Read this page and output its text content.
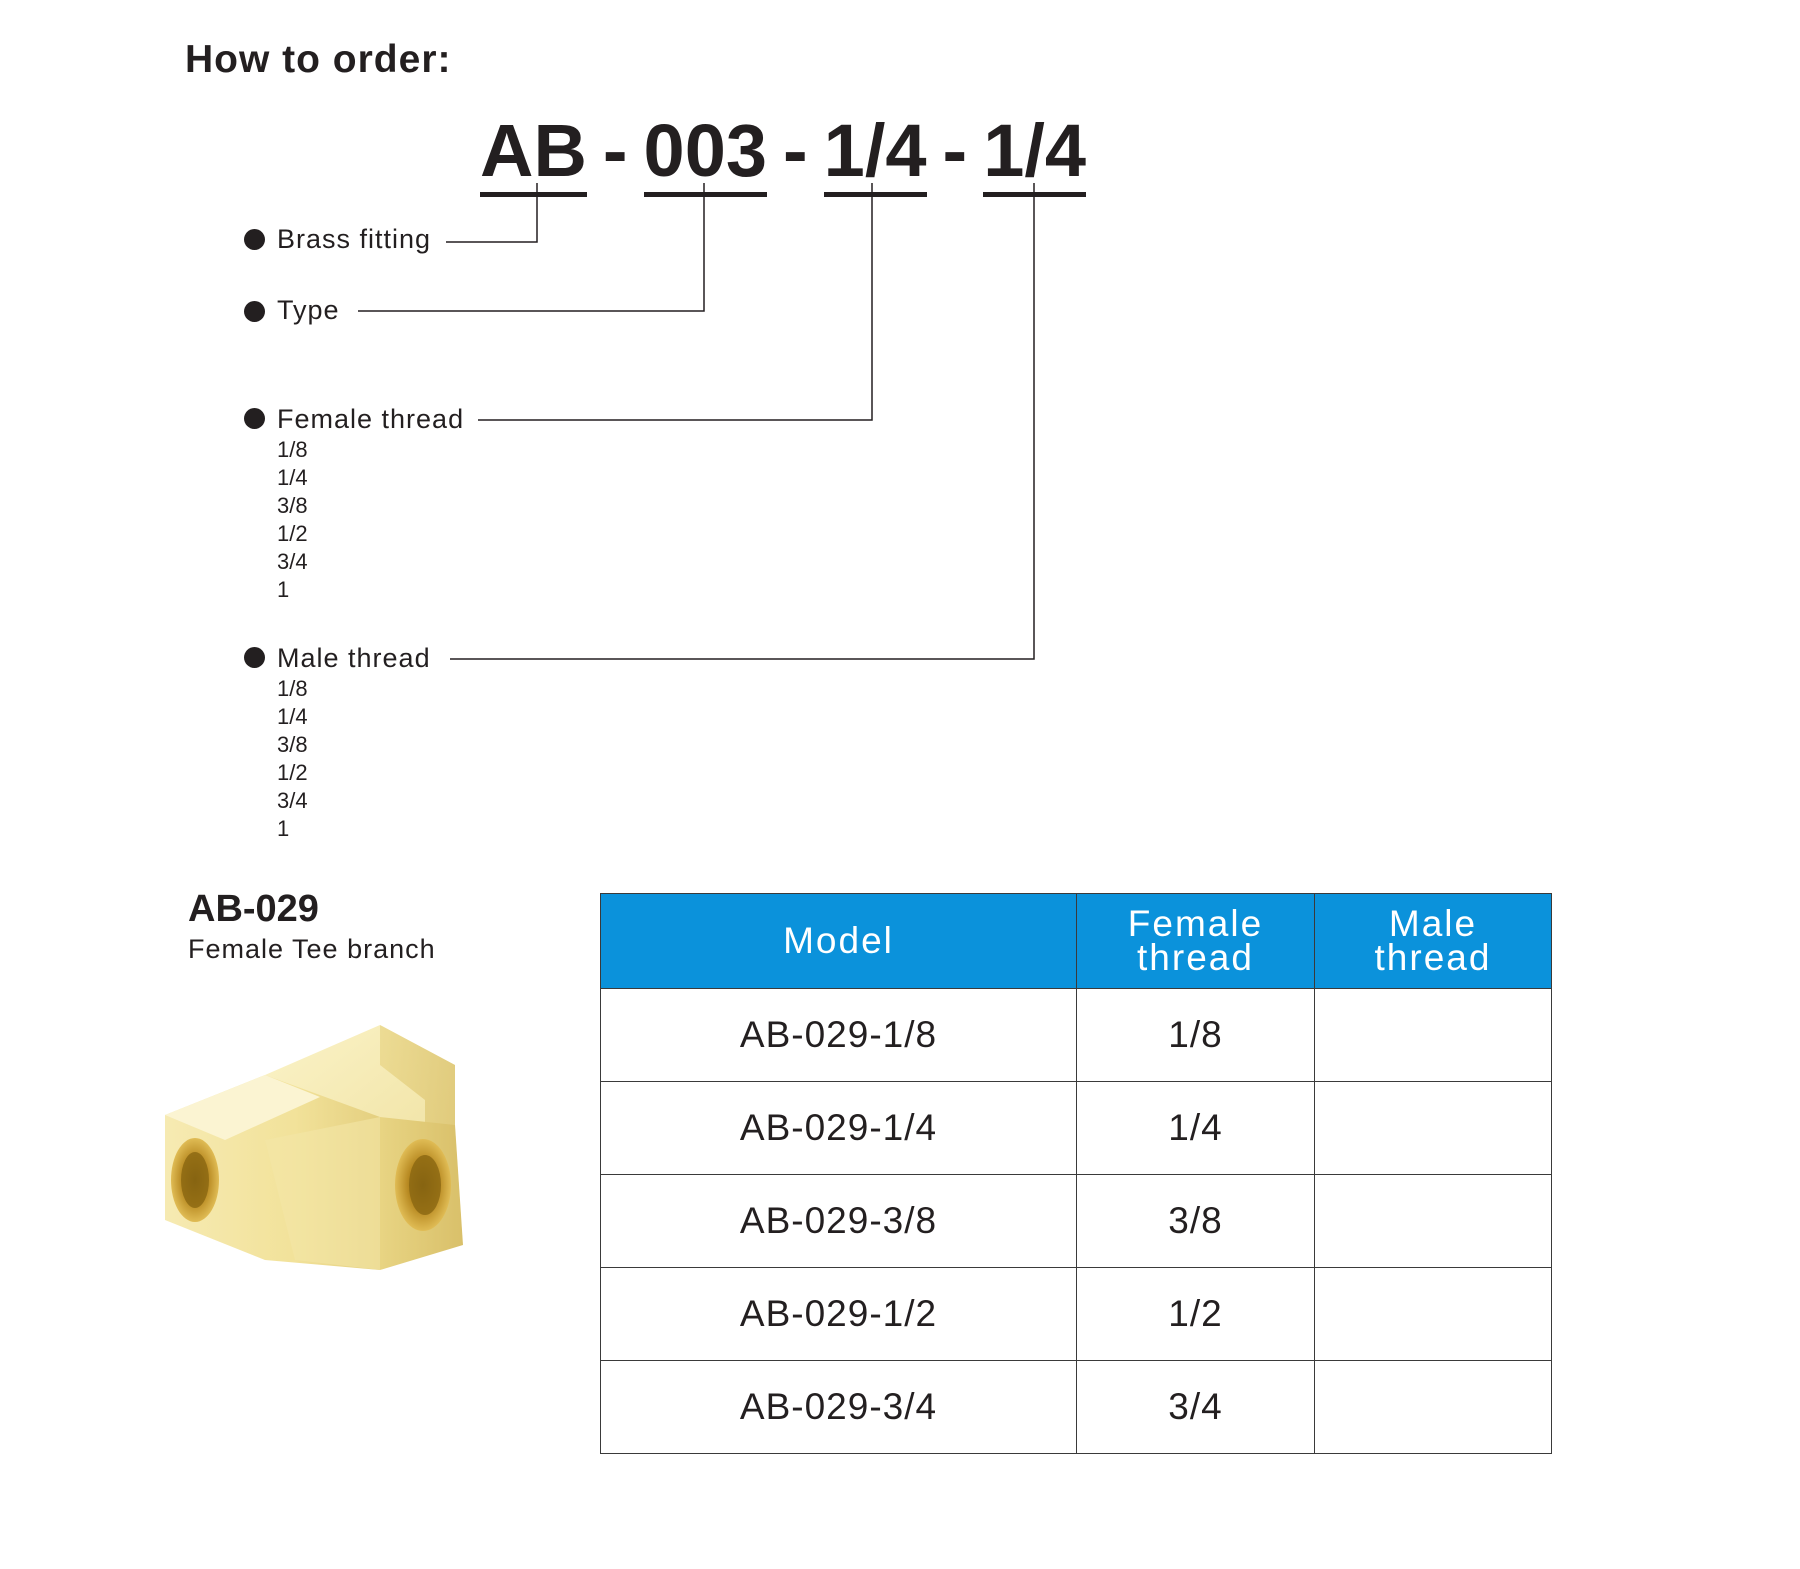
How to order:
AB - 003 - 1/4 - 1/4
Brass fitting
Type
Female thread
1/8
1/4
3/8
1/2
3/4
1
Male thread
1/8
1/4
3/8
1/2
3/4
1
AB-029
Female Tee branch	Model	Female thread	Male thread
AB-029-1/8	1/8	
AB-029-1/4	1/4	
AB-029-3/8	3/8	
AB-029-1/2	1/2	
AB-029-3/4	3/4	
